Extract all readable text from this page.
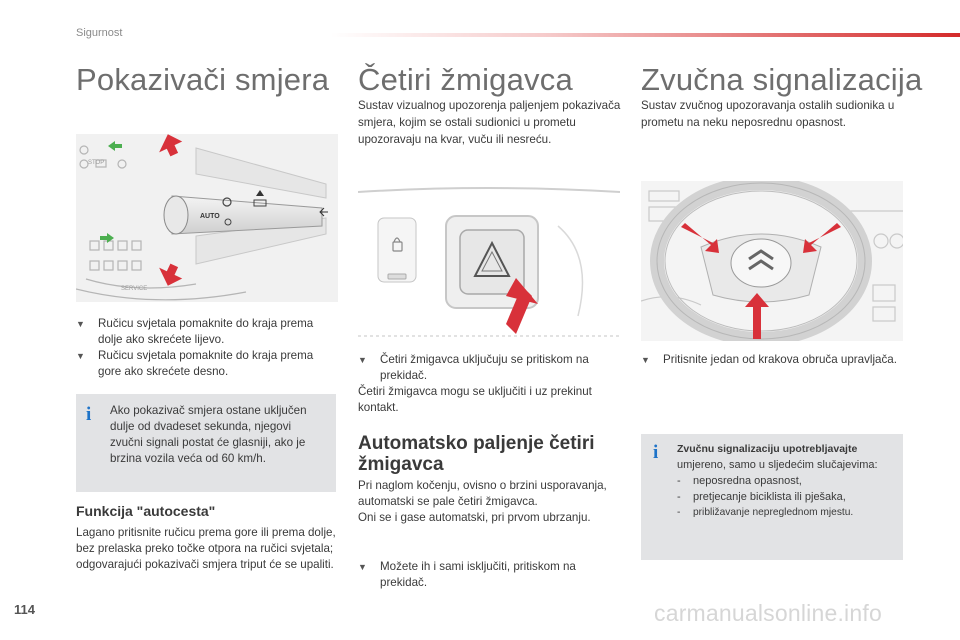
Sigurnost
Pokazivači smjera Četiri žmigavca Zvučna signalizacija
Sustav vizualnog upozorenja paljenjem pokazivača smjera, kojim se ostali sudionici u prometu upozoravaju na kvar, vuču ili nesreću.
Sustav zvučnog upozoravanja ostalih sudionika u prometu na neku neposrednu opasnost.
STOP
SERVICE
AUTO

▼ Ručicu svjetala pomaknite do kraja prema dolje ako skrećete lijevo.

▼ Ručicu svjetala pomaknite do kraja prema gore ako skrećete desno.

i Ako pokazivač smjera ostane uključen dulje od dvadeset sekunda, njegovi zvučni signali postat će glasniji, ako je brzina vozila veća od 60 km/h.
Funkcija "autocesta"
Lagano pritisnite ručicu prema gore ili prema dolje, bez prelaska preko točke otpora na ručici svjetala; odgovarajući pokazivači smjera triput će se upaliti.

▼ Četiri žmigavca uključuju se pritiskom na prekidač.

Četiri žmigavca mogu se uključiti i uz prekinut kontakt.
Automatsko paljenje četiri žmigavca
Pri naglom kočenju, ovisno o brzini usporavanja, automatski se pale četiri žmigavca.
Oni se i gase automatski, pri prvom ubrzanju.

▼ Možete ih i sami isključiti, pritiskom na prekidač.

▼ Pritisnite jedan od krakova obruča upravljača.

i Zvučnu signalizaciju upotrebljavajte
umjereno, samo u sljedećim slučajevima:
- neposredna opasnost,
- pretjecanje biciklista ili pješaka,
- približavanje nepreglednom mjestu.
114	carmanualsonline.info
